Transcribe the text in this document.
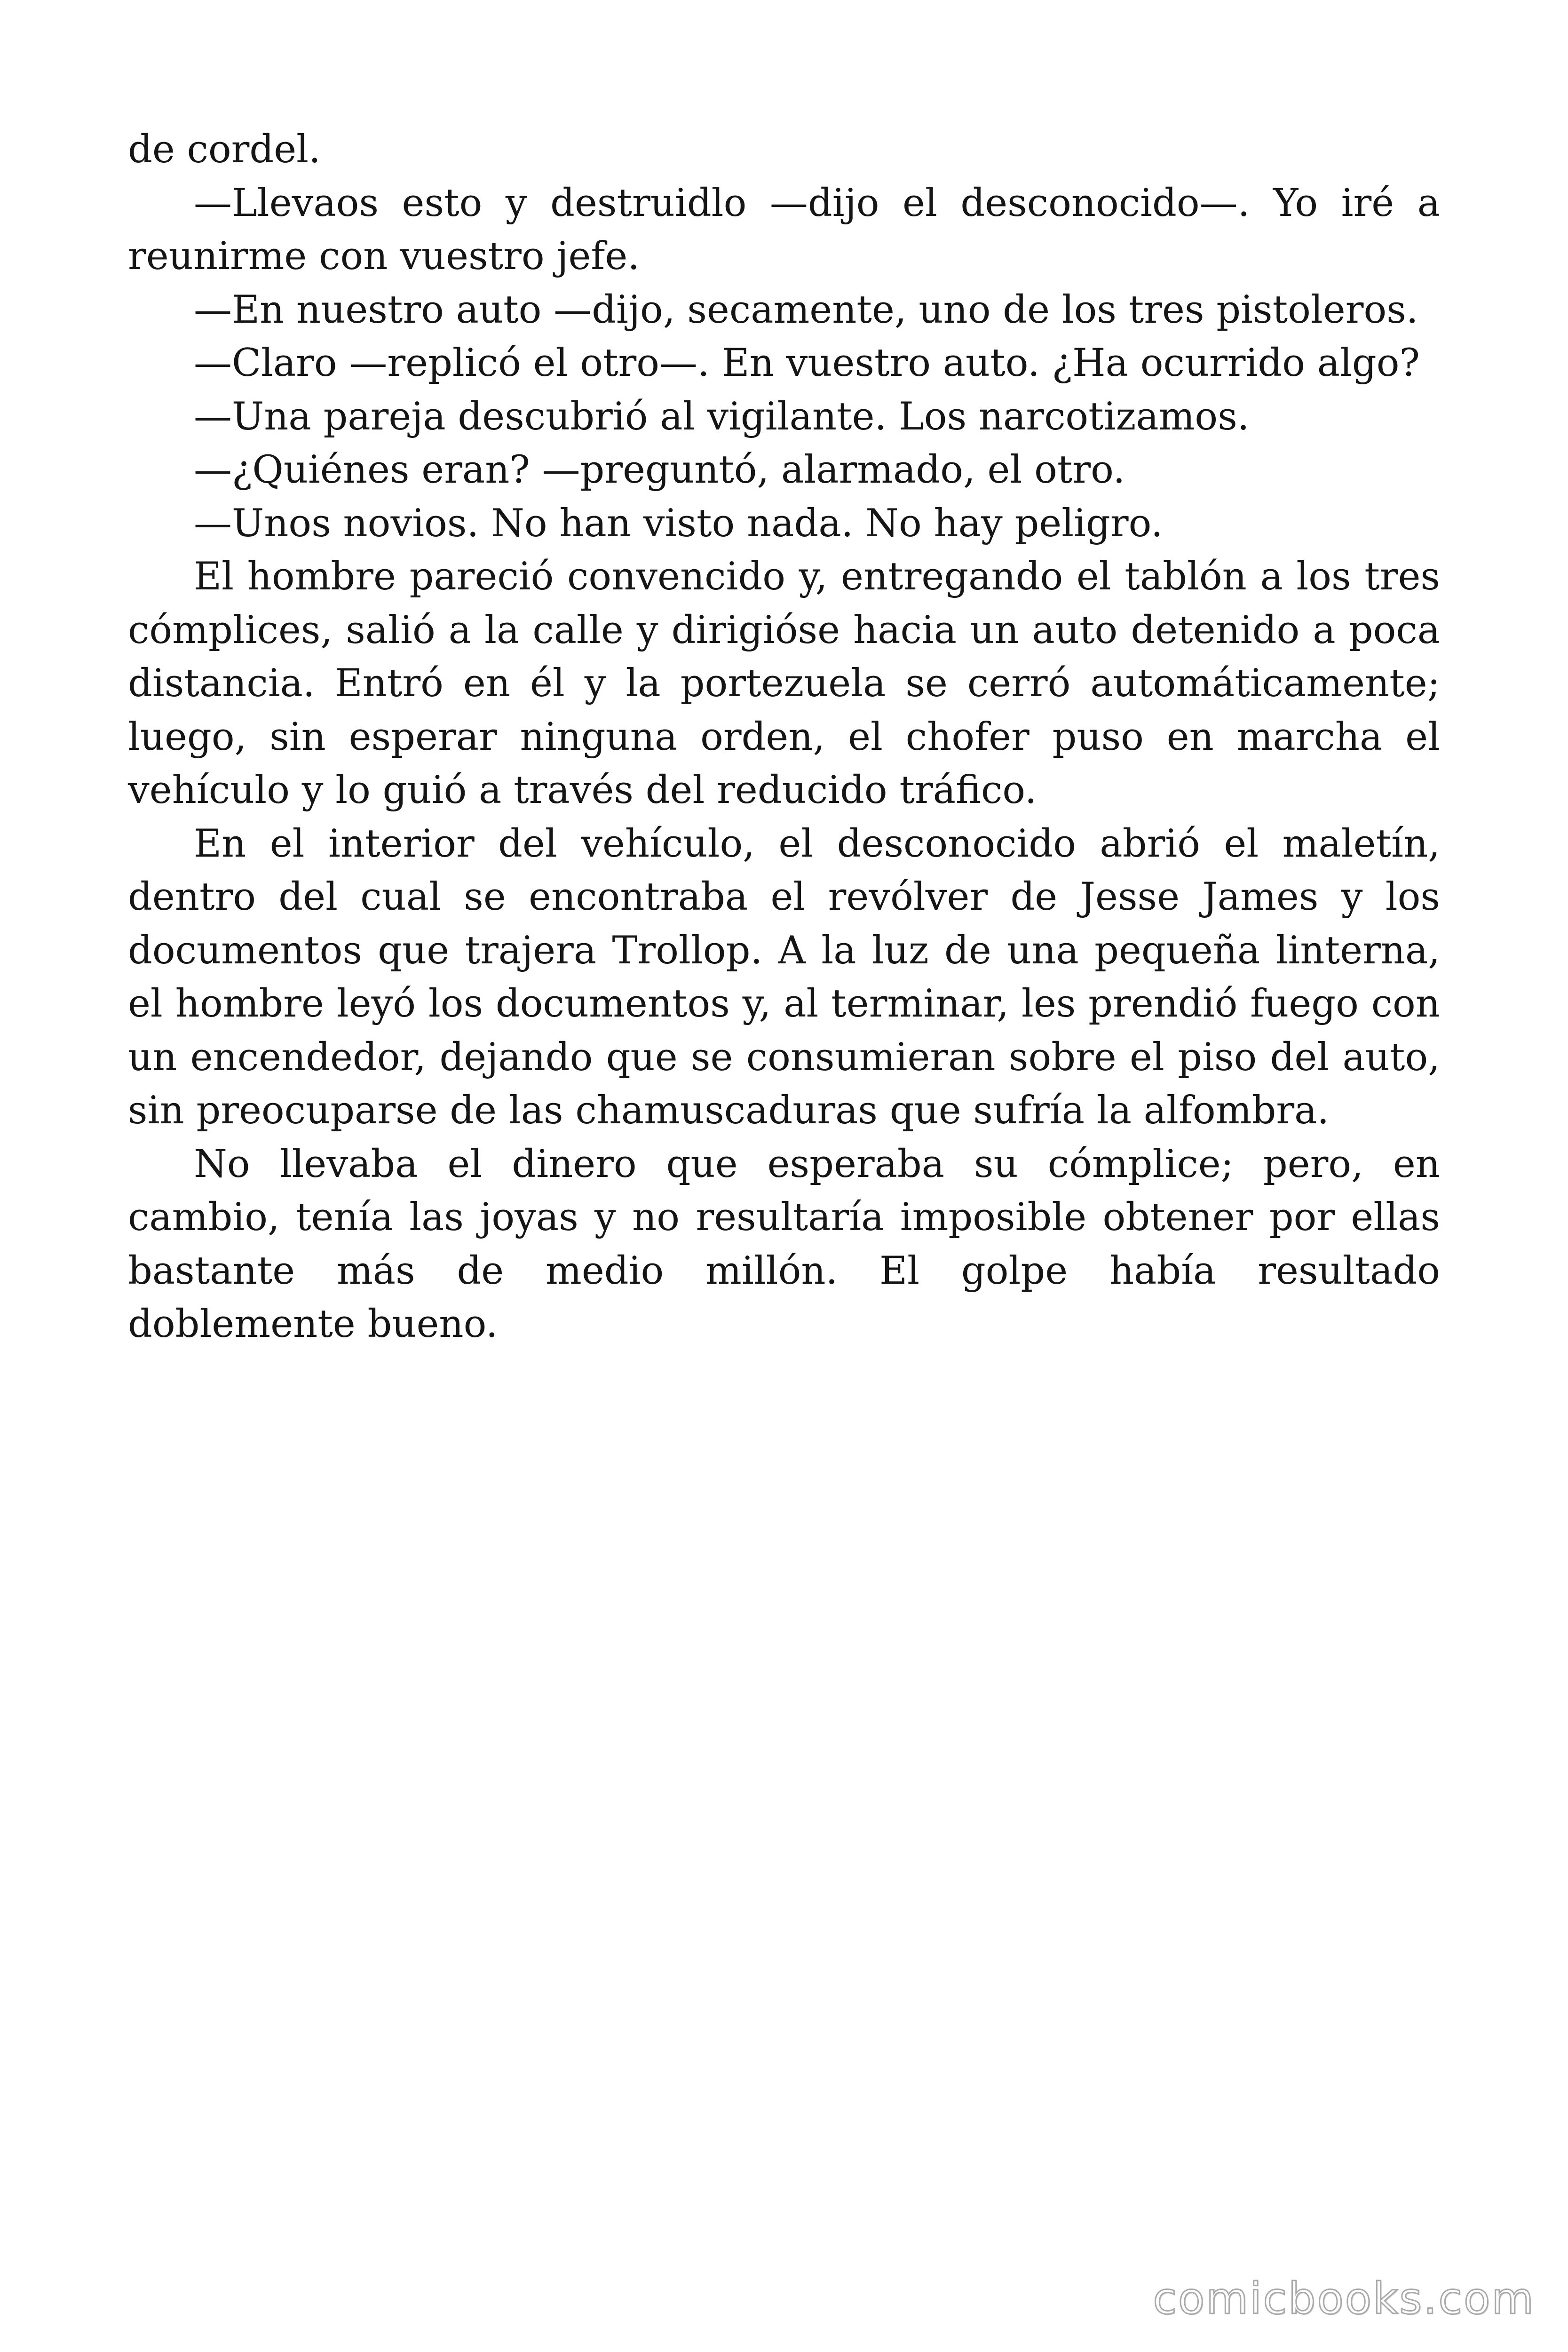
de cordel.

—Llevaos esto y destruidlo —dijo el desconocido—. Yo iré a reunirme con vuestro jefe.

—En nuestro auto —dijo, secamente, uno de los tres pistoleros.

—Claro —replicó el otro—. En vuestro auto. ¿Ha ocurrido algo?

—Una pareja descubrió al vigilante. Los narcotizamos.

—¿Quiénes eran? —preguntó, alarmado, el otro.

—Unos novios. No han visto nada. No hay peligro.

El hombre pareció convencido y, entregando el tablón a los tres cómplices, salió a la calle y dirigióse hacia un auto detenido a poca distancia. Entró en él y la portezuela se cerró automáticamente; luego, sin esperar ninguna orden, el chofer puso en marcha el vehículo y lo guió a través del reducido tráfico.

En el interior del vehículo, el desconocido abrió el maletín, dentro del cual se encontraba el revólver de Jesse James y los documentos que trajera Trollop. A la luz de una pequeña linterna, el hombre leyó los documentos y, al terminar, les prendió fuego con un encendedor, dejando que se consumieran sobre el piso del auto, sin preocuparse de las chamuscaduras que sufría la alfombra.

No llevaba el dinero que esperaba su cómplice; pero, en cambio, tenía las joyas y no resultaría imposible obtener por ellas bastante más de medio millón. El golpe había resultado doblemente bueno.

comicbooks.com
